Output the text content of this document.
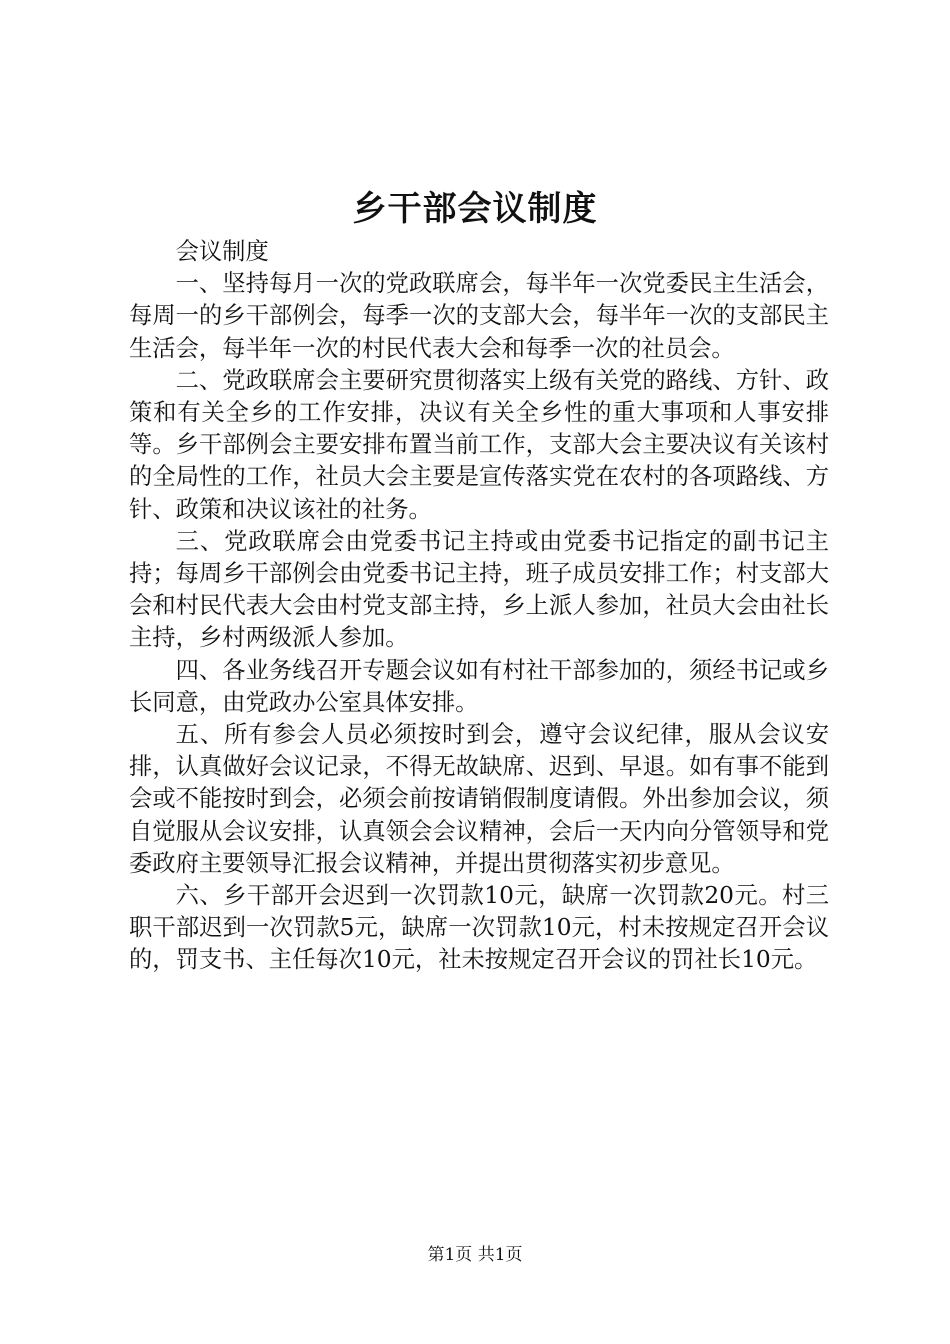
乡干部会议制度

会议制度

一、坚持每月一次的党政联席会，每半年一次党委民主生活会，每周一的乡干部例会，每季一次的支部大会，每半年一次的支部民主生活会，每半年一次的村民代表大会和每季一次的社员会。

二、党政联席会主要研究贯彻落实上级有关党的路线、方针、政策和有关全乡的工作安排，决议有关全乡性的重大事项和人事安排等。乡干部例会主要安排布置当前工作，支部大会主要决议有关该村的全局性的工作，社员大会主要是宣传落实党在农村的各项路线、方针、政策和决议该社的社务。

三、党政联席会由党委书记主持或由党委书记指定的副书记主持；每周乡干部例会由党委书记主持，班子成员安排工作；村支部大会和村民代表大会由村党支部主持，乡上派人参加，社员大会由社长主持，乡村两级派人参加。

四、各业务线召开专题会议如有村社干部参加的，须经书记或乡长同意，由党政办公室具体安排。

五、所有参会人员必须按时到会，遵守会议纪律，服从会议安排，认真做好会议记录，不得无故缺席、迟到、早退。如有事不能到会或不能按时到会，必须会前按请销假制度请假。外出参加会议，须自觉服从会议安排，认真领会会议精神，会后一天内向分管领导和党委政府主要领导汇报会议精神，并提出贯彻落实初步意见。

六、乡干部开会迟到一次罚款10元，缺席一次罚款20元。村三职干部迟到一次罚款5元，缺席一次罚款10元，村未按规定召开会议的，罚支书、主任每次10元，社未按规定召开会议的罚社长10元。

第1页 共1页
